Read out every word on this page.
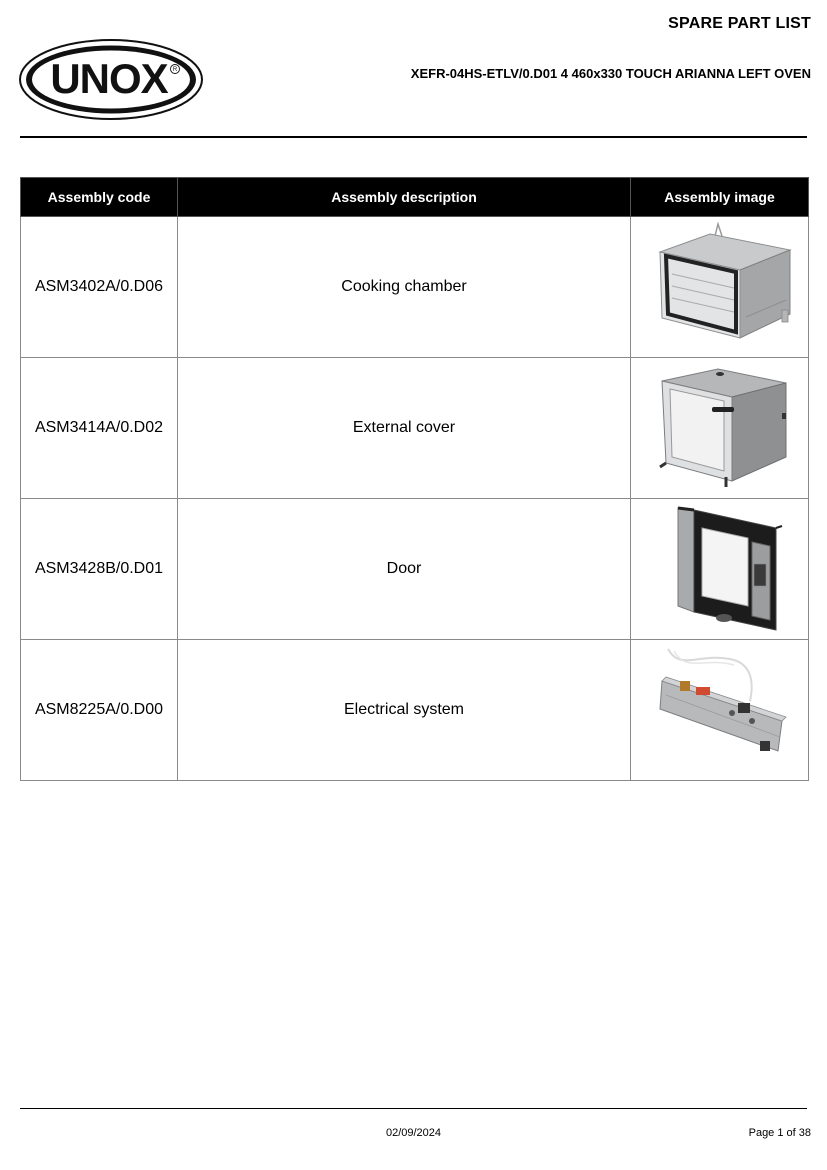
SPARE PART LIST
XEFR-04HS-ETLV/0.D01 4 460x330 TOUCH ARIANNA LEFT OVEN
UNOX R
Assembly code	Assembly description	Assembly image
ASM3402A/0.D06	Cooking chamber	

ASM3414A/0.D02	External cover	

ASM3428B/0.D01	Door	

ASM8225A/0.D00	Electrical system	
02/09/2024	Page 1 of 38
